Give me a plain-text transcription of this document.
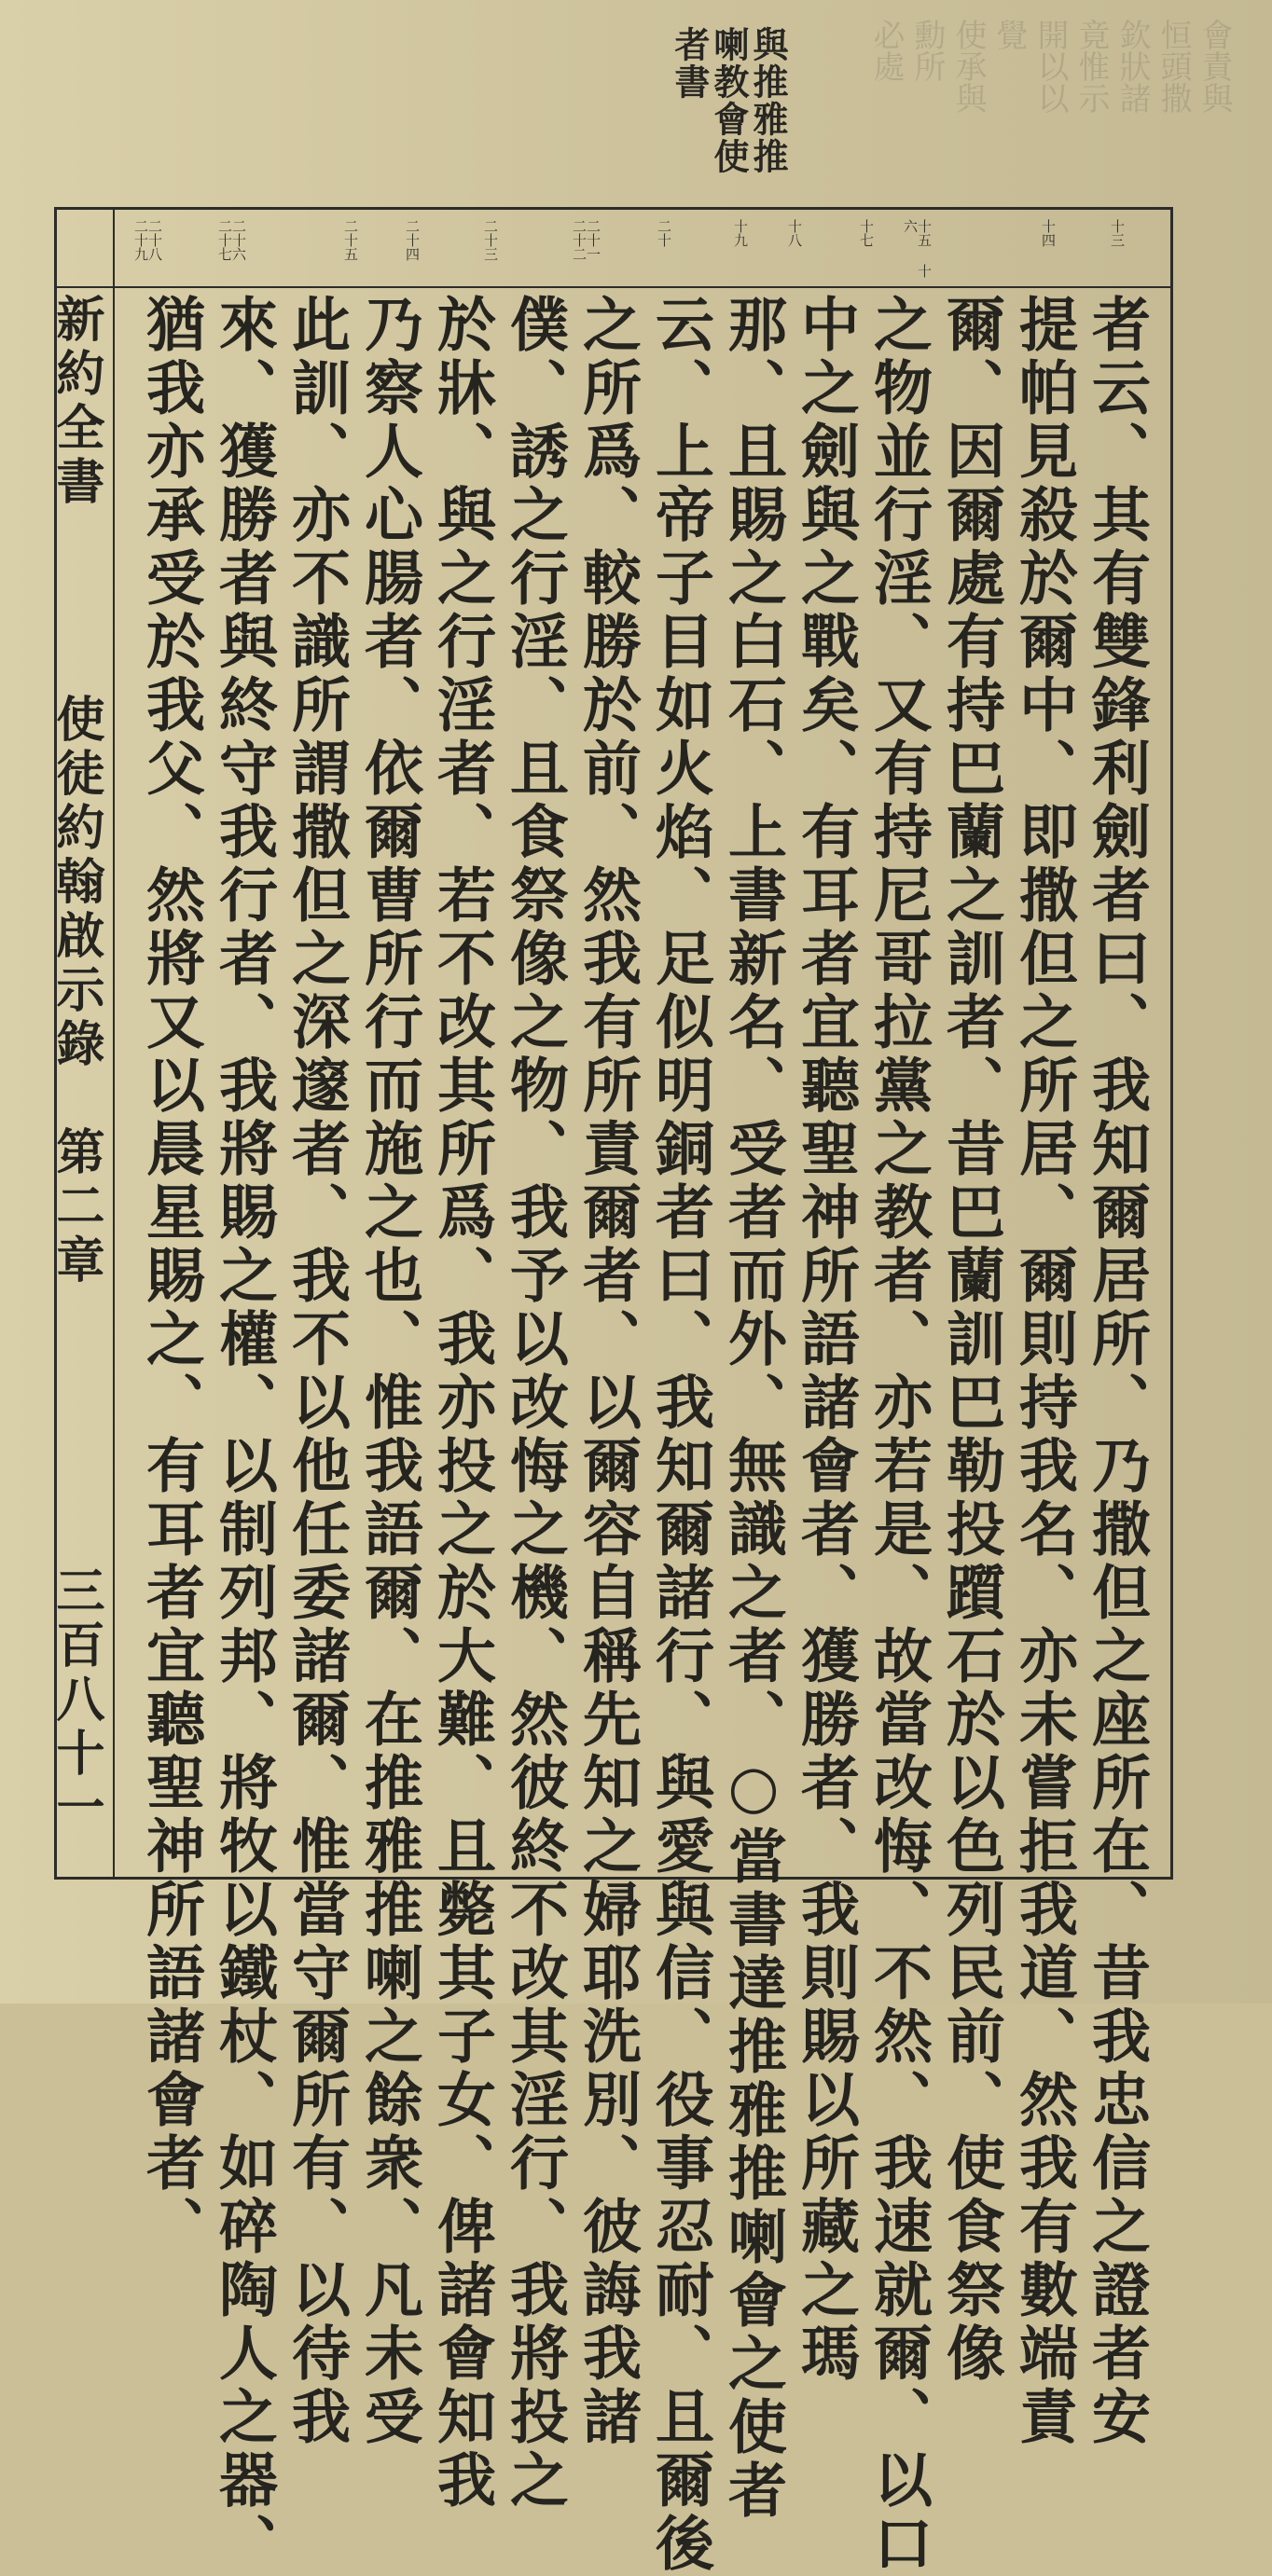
會責與
恒頭撒
欽狀諸
竟惟示
開以以
覺
使承與
勳所
必處
與推雅推 喇教會使 者書
新約全書 使徒約翰啟示錄　第二章 三百八十一
十三
十四
十五 十六
十七
十八
十九
二十
二十一 二十二
二十三
二十四
二十五
二十六 二十七
二十八 二十九
者云、其有雙鋒利劍者曰、我知爾居所、乃撒但之座所在、昔我忠信之證者安
提帕見殺於爾中、即撒但之所居、爾則持我名、亦未嘗拒我道、然我有數端責
爾、因爾處有持巴蘭之訓者、昔巴蘭訓巴勒投躓石於以色列民前、使食祭像
之物並行淫、又有持尼哥拉黨之教者、亦若是、故當改悔、不然、我速就爾、以口
中之劍與之戰矣、有耳者宜聽聖神所語諸會者、獲勝者、我則賜以所藏之瑪
那、且賜之白石、上書新名、受者而外、無識之者、○當書達推雅推喇會之使者
云、上帝子目如火焰、足似明銅者曰、我知爾諸行、與愛與信、役事忍耐、且爾後
之所爲、較勝於前、然我有所責爾者、以爾容自稱先知之婦耶洗別、彼誨我諸
僕、誘之行淫、且食祭像之物、我予以改悔之機、然彼終不改其淫行、我將投之
於牀、與之行淫者、若不改其所爲、我亦投之於大難、且斃其子女、俾諸會知我
乃察人心腸者、依爾曹所行而施之也、惟我語爾、在推雅推喇之餘衆、凡未受
此訓、亦不識所謂撒但之深邃者、我不以他任委諸爾、惟當守爾所有、以待我
來、獲勝者與終守我行者、我將賜之權、以制列邦、將牧以鐵杖、如碎陶人之器、
猶我亦承受於我父、然將又以晨星賜之、有耳者宜聽聖神所語諸會者、
